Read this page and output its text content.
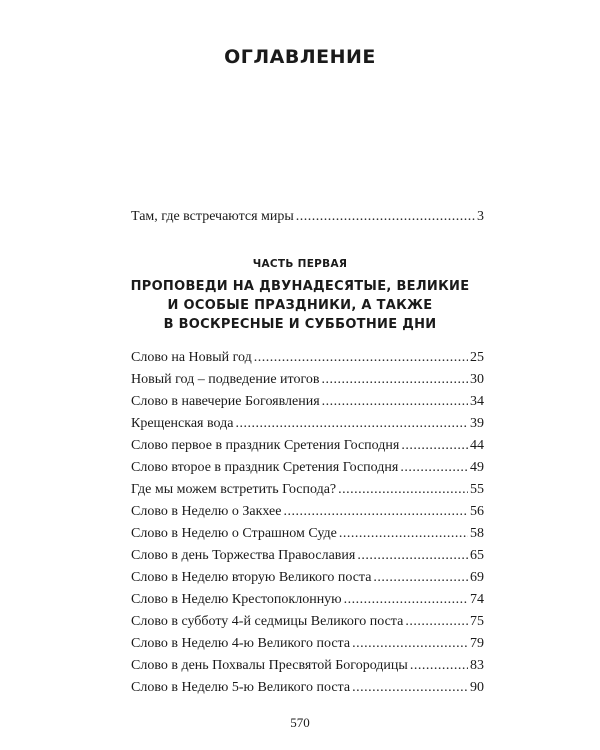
ОГЛАВЛЕНИЕ
Там, где встречаются миры .....	3
ЧАСТЬ ПЕРВАЯ
ПРОПОВЕДИ НА ДВУНАДЕСЯТЫЕ, ВЕЛИКИЕ
И ОСОБЫЕ ПРАЗДНИКИ, А ТАКЖЕ
В ВОСКРЕСНЫЕ И СУББОТНИЕ ДНИ
Слово на Новый год .....	25
Новый год – подведение итогов .....	30
Слово в навечерие Богоявления .....	34
Крещенская вода .....	39
Слово первое в праздник Сретения Господня .....	44
Слово второе в праздник Сретения Господня .....	49
Где мы можем встретить Господа? .....	55
Слово в Неделю о Закхее .....	56
Слово в Неделю о Страшном Суде .....	58
Слово в день Торжества Православия .....	65
Слово в Неделю вторую Великого поста .....	69
Слово в Неделю Крестопоклонную .....	74
Слово в субботу 4-й седмицы Великого поста .....	75
Слово в Неделю 4-ю Великого поста .....	79
Слово в день Похвалы Пресвятой Богородицы .....	83
Слово в Неделю 5-ю Великого поста .....	90
570
